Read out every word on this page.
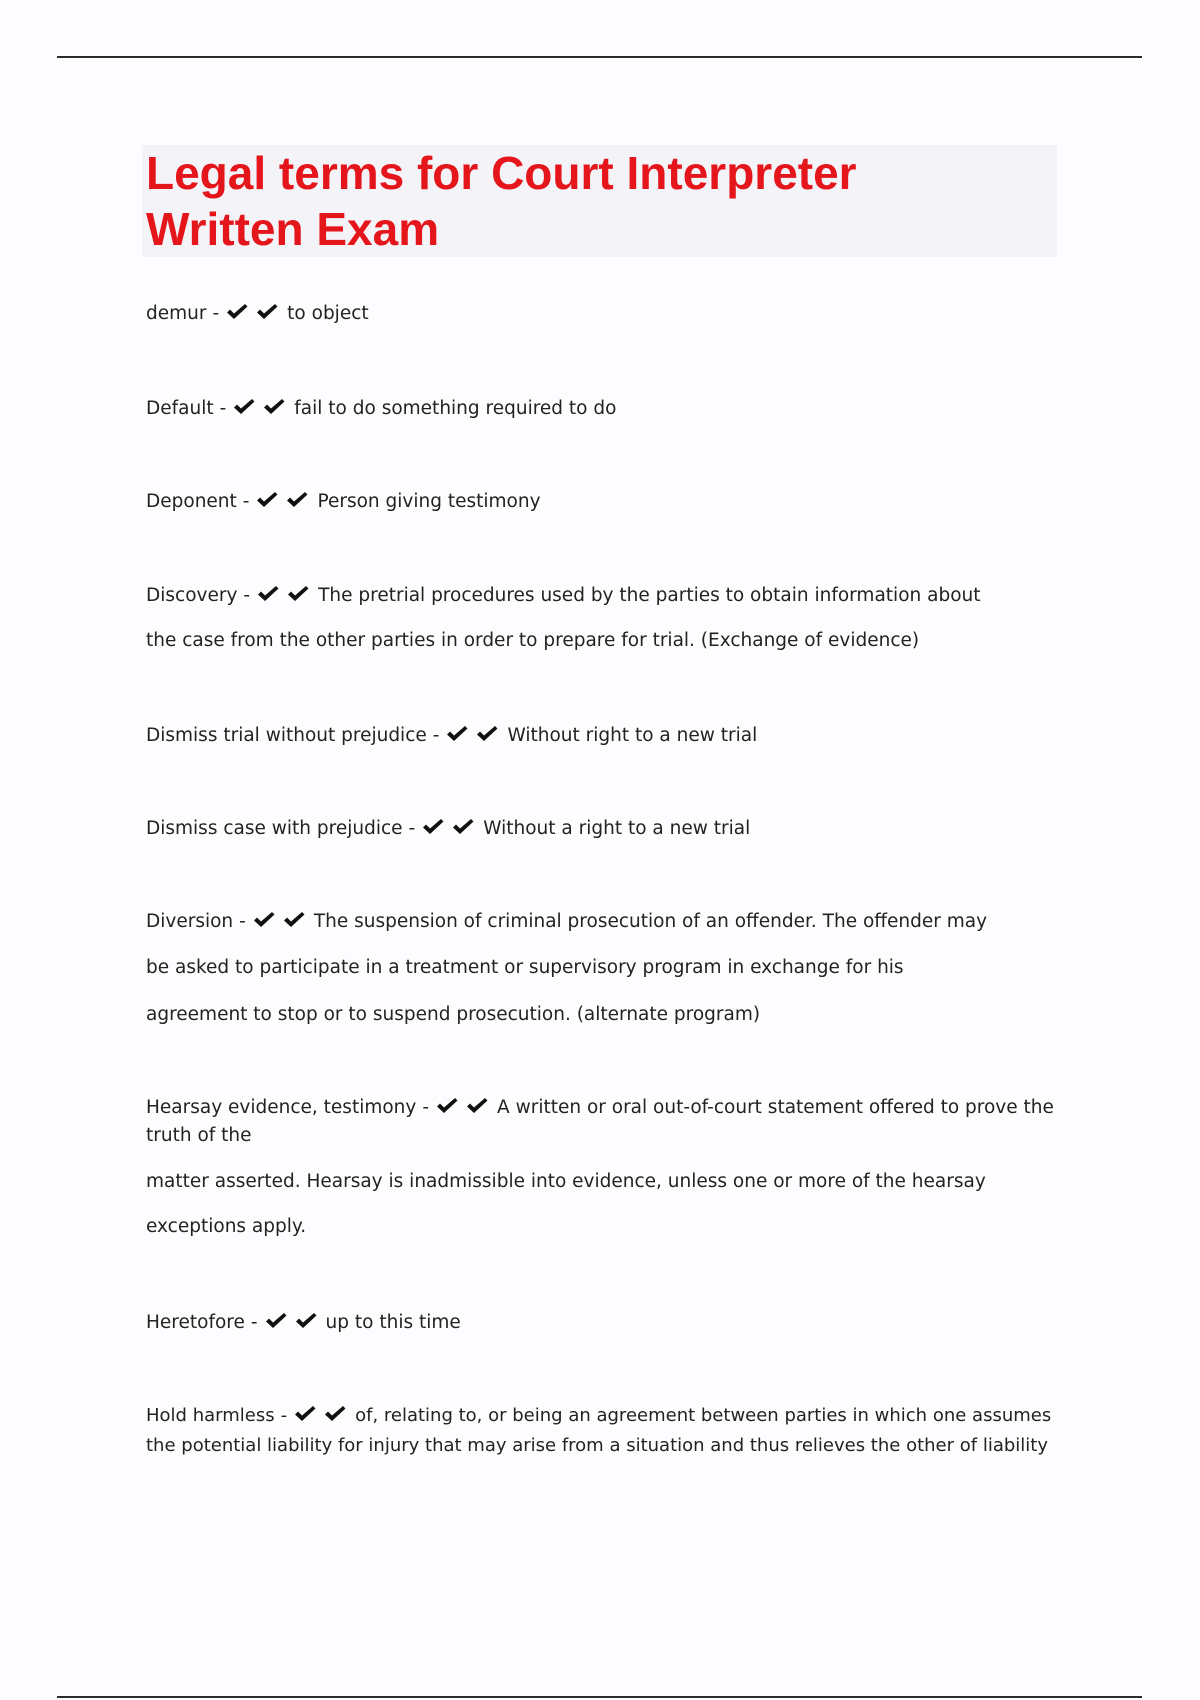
Legal terms for Court Interpreter
Written Exam
demur -	to object
Default -	fail to do something required to do
Deponent -	Person giving testimony
Discovery -	The pretrial procedures used by the parties to obtain information about
the case from the other parties in order to prepare for trial. (Exchange of evidence)
Dismiss trial without prejudice -	Without right to a new trial
Dismiss case with prejudice -	Without a right to a new trial
Diversion -	The suspension of criminal prosecution of an offender. The offender may
be asked to participate in a treatment or supervisory program in exchange for his
agreement to stop or to suspend prosecution. (alternate program)
Hearsay evidence, testimony -	A written or oral out-of-court statement offered to prove the
truth of the
matter asserted. Hearsay is inadmissible into evidence, unless one or more of the hearsay
exceptions apply.
Heretofore -	up to this time
Hold harmless -	of, relating to, or being an agreement between parties in which one assumes
the potential liability for injury that may arise from a situation and thus relieves the other of liability
